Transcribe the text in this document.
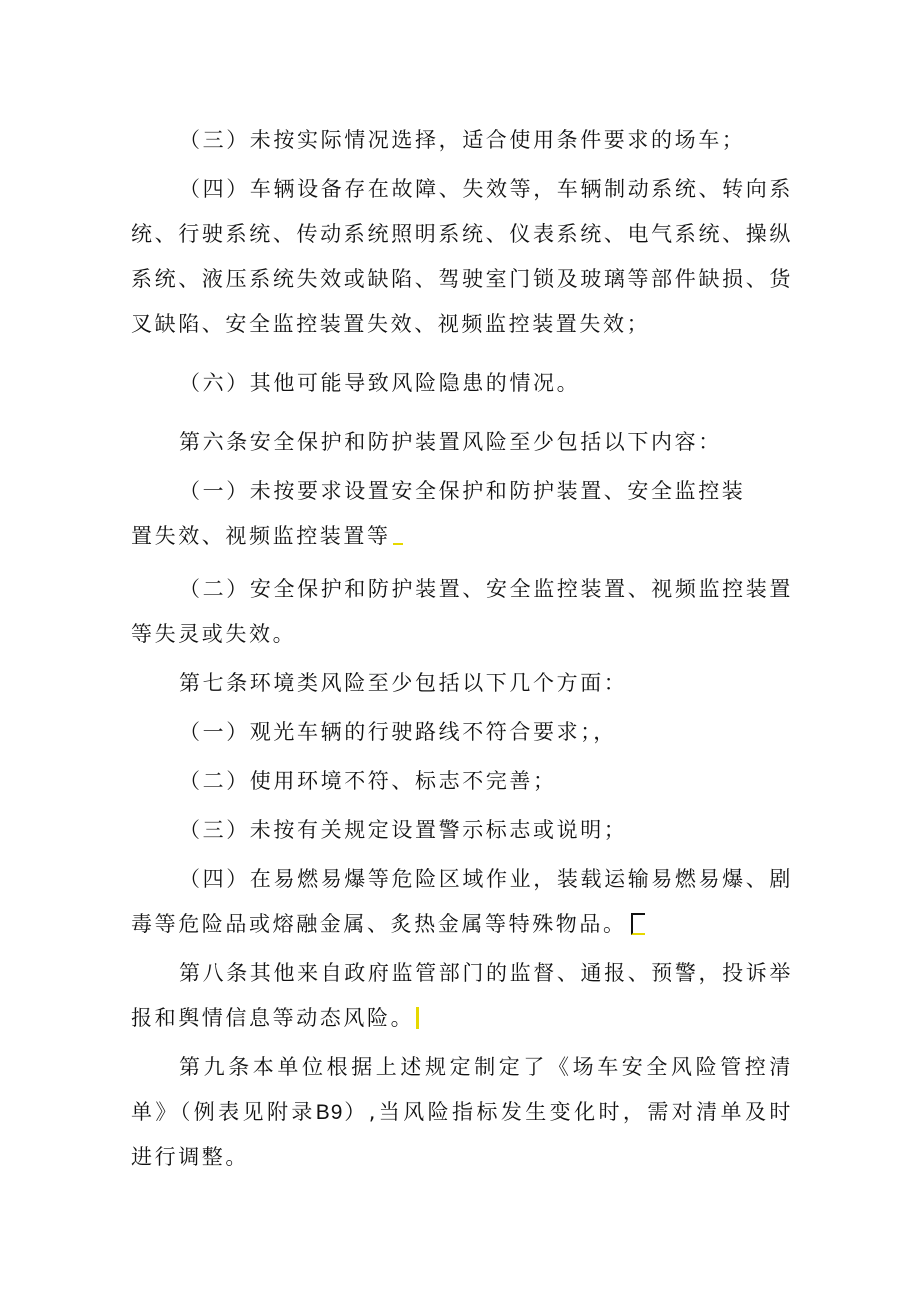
（三）未按实际情况选择，适合使用条件要求的场车；

（四）车辆设备存在故障、失效等，车辆制动系统、转向系统、行驶系统、传动系统照明系统、仪表系统、电气系统、操纵系统、液压系统失效或缺陷、驾驶室门锁及玻璃等部件缺损、货叉缺陷、安全监控装置失效、视频监控装置失效；

（六）其他可能导致风险隐患的情况。

第六条安全保护和防护装置风险至少包括以下内容：

（一）未按要求设置安全保护和防护装置、安全监控装

置失效、视频监控装置等

（二）安全保护和防护装置、安全监控装置、视频监控装置等失灵或失效。

第七条环境类风险至少包括以下几个方面：

（一）观光车辆的行驶路线不符合要求；，

（二）使用环境不符、标志不完善；

（三）未按有关规定设置警示标志或说明；

（四）在易燃易爆等危险区域作业，装载运输易燃易爆、剧毒等危险品或熔融金属、炙热金属等特殊物品。

第八条其他来自政府监管部门的监督、通报、预警，投诉举报和舆情信息等动态风险。

第九条本单位根据上述规定制定了《场车安全风险管控清单》（例表见附录B9）,当风险指标发生变化时，需对清单及时进行调整。
